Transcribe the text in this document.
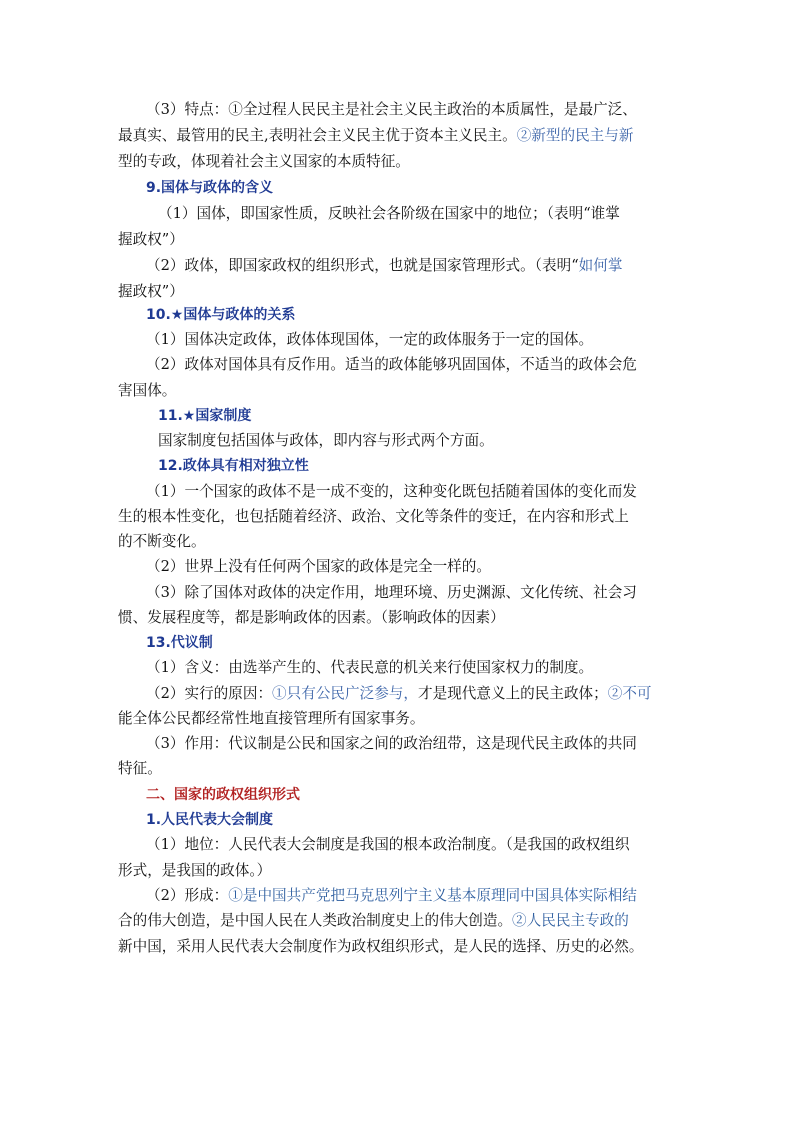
（3）特点：①全过程人民民主是社会主义民主政治的本质属性，是最广泛、
最真实、最管用的民主,表明社会主义民主优于资本主义民主。②新型的民主与新
型的专政，体现着社会主义国家的本质特征。
9.国体与政体的含义
（1）国体，即国家性质，反映社会各阶级在国家中的地位；（表明“谁掌
握政权”）
（2）政体，即国家政权的组织形式，也就是国家管理形式。（表明“如何掌
握政权”）
10.★国体与政体的关系
（1）国体决定政体，政体体现国体，一定的政体服务于一定的国体。
（2）政体对国体具有反作用。适当的政体能够巩固国体，不适当的政体会危
害国体。
11.★国家制度
国家制度包括国体与政体，即内容与形式两个方面。
12.政体具有相对独立性
（1）一个国家的政体不是一成不变的，这种变化既包括随着国体的变化而发
生的根本性变化，也包括随着经济、政治、文化等条件的变迁，在内容和形式上
的不断变化。
（2）世界上没有任何两个国家的政体是完全一样的。
（3）除了国体对政体的决定作用，地理环境、历史渊源、文化传统、社会习
惯、发展程度等，都是影响政体的因素。（影响政体的因素）
13.代议制
（1）含义：由选举产生的、代表民意的机关来行使国家权力的制度。
（2）实行的原因：①只有公民广泛参与，才是现代意义上的民主政体；②不可
能全体公民都经常性地直接管理所有国家事务。
（3）作用：代议制是公民和国家之间的政治纽带，这是现代民主政体的共同
特征。
二、国家的政权组织形式
1.人民代表大会制度
（1）地位：人民代表大会制度是我国的根本政治制度。（是我国的政权组织
形式，是我国的政体。）
（2）形成：①是中国共产党把马克思列宁主义基本原理同中国具体实际相结
合的伟大创造，是中国人民在人类政治制度史上的伟大创造。②人民民主专政的
新中国，采用人民代表大会制度作为政权组织形式，是人民的选择、历史的必然。
